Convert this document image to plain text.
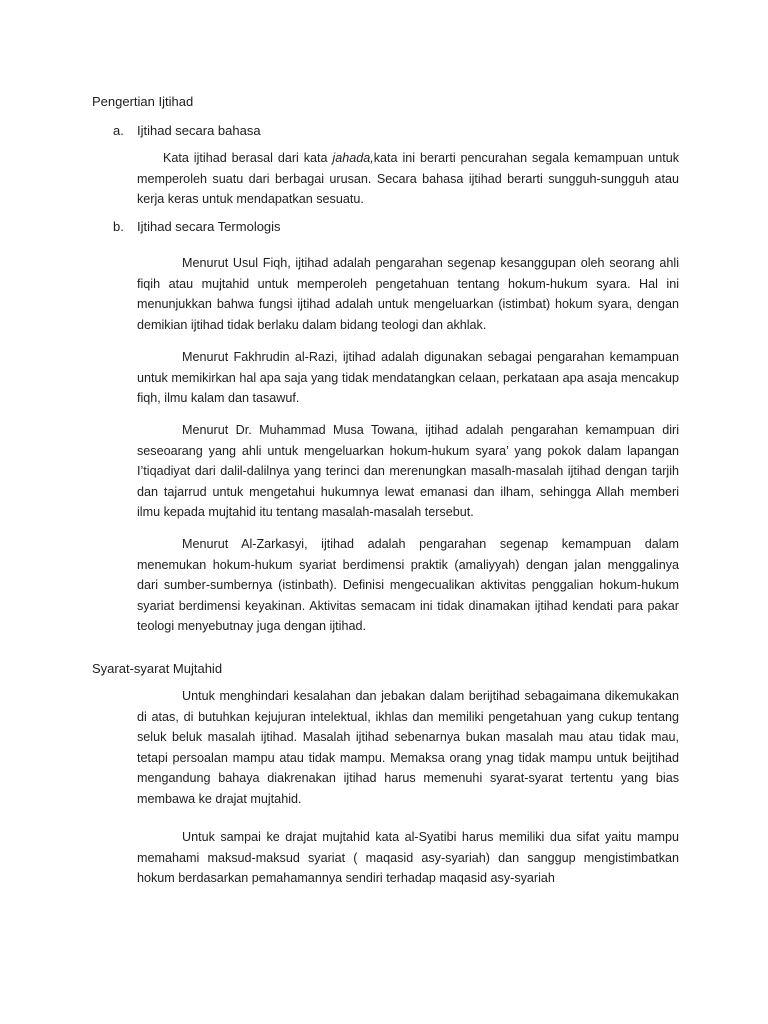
Pengertian Ijtihad
a. Ijtihad secara bahasa

Kata ijtihad berasal dari kata jahada,kata ini berarti pencurahan segala kemampuan untuk memperoleh suatu dari berbagai urusan. Secara bahasa ijtihad berarti sungguh-sungguh atau kerja keras untuk mendapatkan sesuatu.

b. Ijtihad secara Termologis

Menurut Usul Fiqh, ijtihad adalah pengarahan segenap kesanggupan oleh seorang ahli fiqih atau mujtahid untuk memperoleh pengetahuan tentang hokum-hukum syara. Hal ini menunjukkan bahwa fungsi ijtihad adalah untuk mengeluarkan (istimbat) hokum syara, dengan demikian ijtihad tidak berlaku dalam bidang teologi dan akhlak.

Menurut Fakhrudin al-Razi, ijtihad adalah digunakan sebagai pengarahan kemampuan untuk memikirkan hal apa saja yang tidak mendatangkan celaan, perkataan apa asaja mencakup fiqh, ilmu kalam dan tasawuf.

Menurut Dr. Muhammad Musa Towana, ijtihad adalah pengarahan kemampuan diri seseoarang yang ahli untuk mengeluarkan hokum-hukum syara’ yang pokok dalam lapangan I’tiqadiyat dari dalil-dalilnya yang terinci dan merenungkan masalh-masalah ijtihad dengan tarjih dan tajarrud untuk mengetahui hukumnya lewat emanasi dan ilham, sehingga Allah memberi ilmu kepada mujtahid itu tentang masalah-masalah tersebut.

Menurut Al-Zarkasyi, ijtihad adalah pengarahan segenap kemampuan dalam menemukan hokum-hukum syariat berdimensi praktik (amaliyyah) dengan jalan menggalinya dari sumber-sumbernya (istinbath). Definisi mengecualikan aktivitas penggalian hokum-hukum syariat berdimensi keyakinan. Aktivitas semacam ini tidak dinamakan ijtihad kendati para pakar teologi menyebutnay juga dengan ijtihad.

Syarat-syarat Mujtahid

Untuk menghindari kesalahan dan jebakan dalam berijtihad sebagaimana dikemukakan di atas, di butuhkan kejujuran intelektual, ikhlas dan memiliki pengetahuan yang cukup tentang seluk beluk masalah ijtihad. Masalah ijtihad sebenarnya bukan masalah mau atau tidak mau, tetapi persoalan mampu atau tidak mampu. Memaksa orang ynag tidak mampu untuk beijtihad mengandung bahaya diakrenakan ijtihad harus memenuhi syarat-syarat tertentu yang bias membawa ke drajat mujtahid.

Untuk sampai ke drajat mujtahid kata al-Syatibi harus memiliki dua sifat yaitu mampu memahami maksud-maksud syariat ( maqasid asy-syariah) dan sanggup mengistimbatkan hokum berdasarkan pemahamannya sendiri terhadap maqasid asy-syariah
